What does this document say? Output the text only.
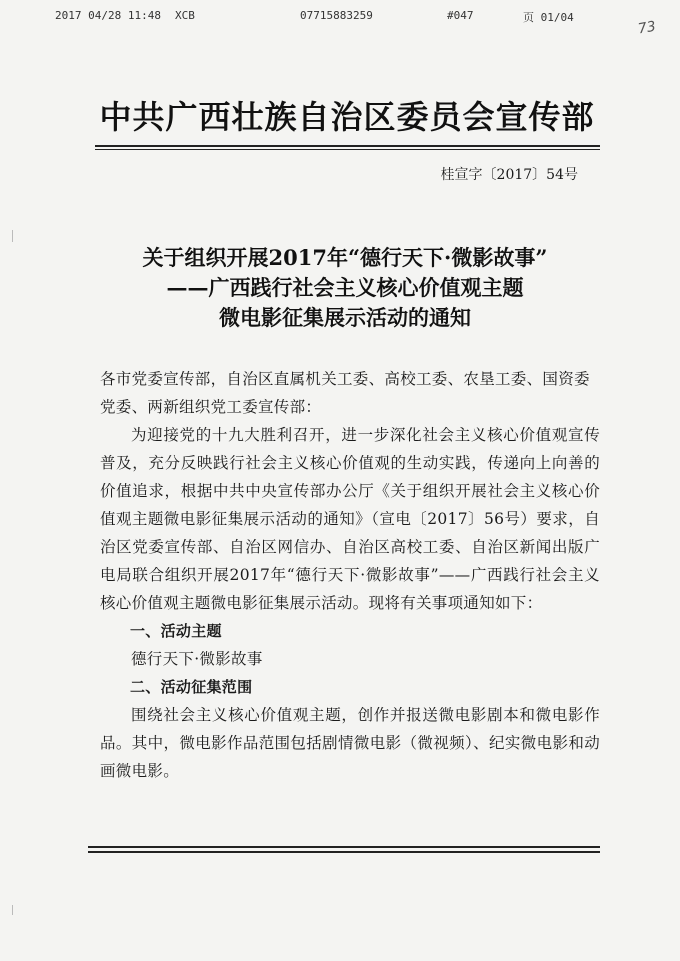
2017 04/28 11:48 XCB	07715883259	#047	页 01/04
73
中共广西壮族自治区委员会宣传部
桂宣字〔2017〕54号
关于组织开展2017年“德行天下·微影故事”
——广西践行社会主义核心价值观主题
微电影征集展示活动的通知

各市党委宣传部，自治区直属机关工委、高校工委、农垦工委、国资委党委、两新组织党工委宣传部：

为迎接党的十九大胜利召开，进一步深化社会主义核心价值观宣传普及，充分反映践行社会主义核心价值观的生动实践，传递向上向善的价值追求，根据中共中央宣传部办公厅《关于组织开展社会主义核心价值观主题微电影征集展示活动的通知》（宣电〔2017〕56号）要求，自治区党委宣传部、自治区网信办、自治区高校工委、自治区新闻出版广电局联合组织开展2017年“德行天下·微影故事”——广西践行社会主义核心价值观主题微电影征集展示活动。现将有关事项通知如下：

一、活动主题

德行天下·微影故事

二、活动征集范围

围绕社会主义核心价值观主题，创作并报送微电影剧本和微电影作品。其中，微电影作品范围包括剧情微电影（微视频）、纪实微电影和动画微电影。
